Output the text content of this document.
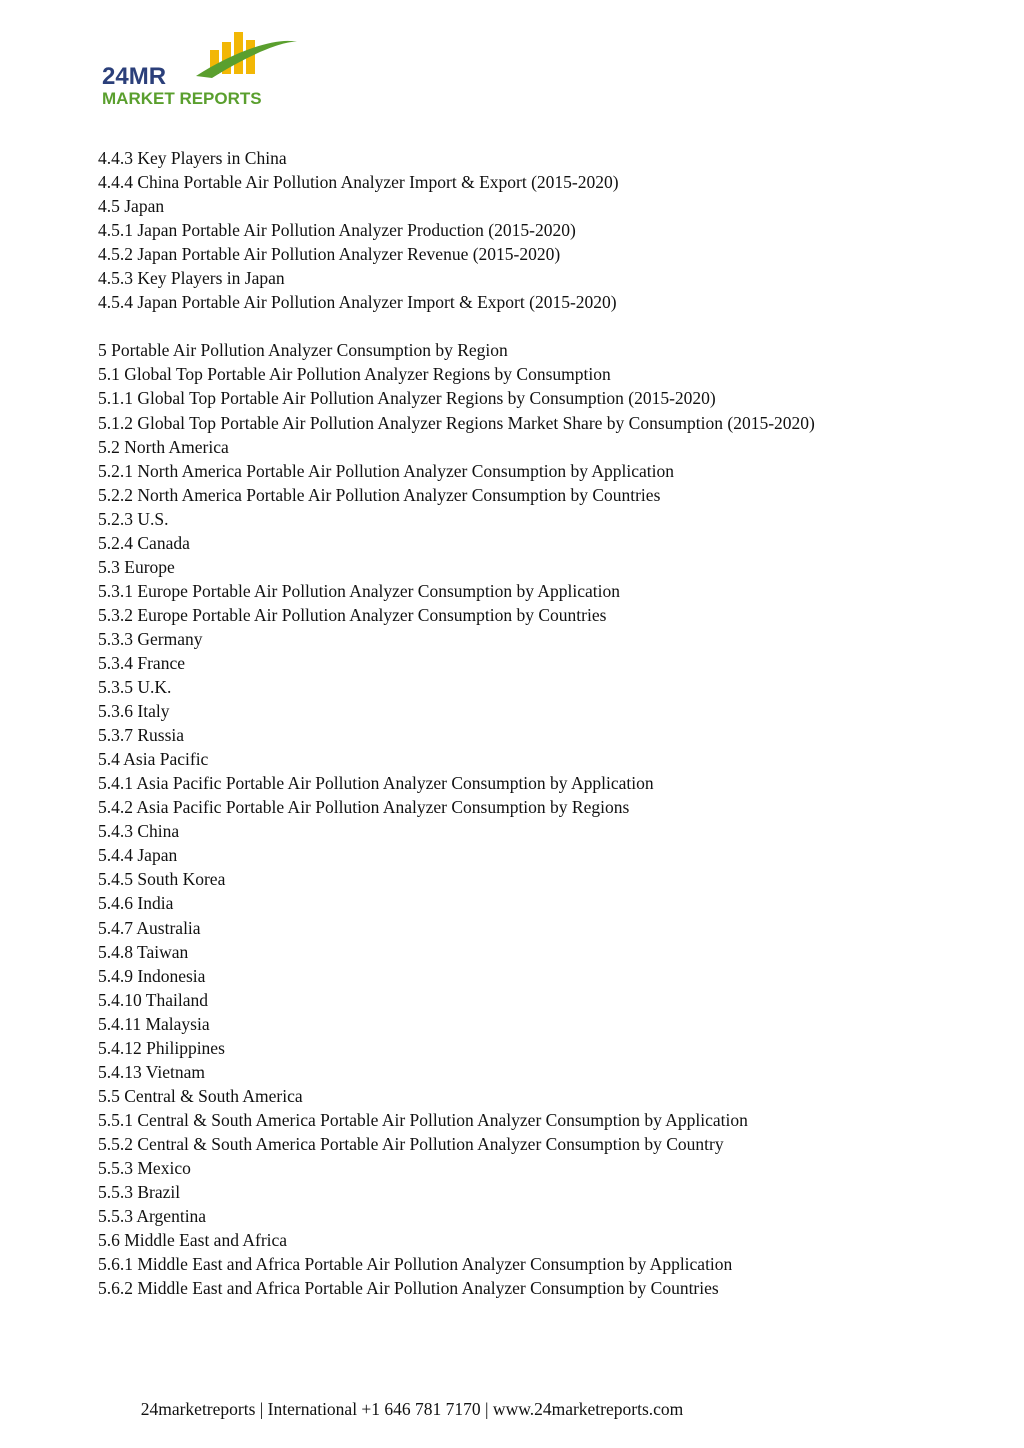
24MR
MARKET REPORTS
4.4.3 Key Players in China
4.4.4 China Portable Air Pollution Analyzer Import & Export (2015-2020)
4.5 Japan
4.5.1 Japan Portable Air Pollution Analyzer Production (2015-2020)
4.5.2 Japan Portable Air Pollution Analyzer Revenue (2015-2020)
4.5.3 Key Players in Japan
4.5.4 Japan Portable Air Pollution Analyzer Import & Export (2015-2020)
5 Portable Air Pollution Analyzer Consumption by Region
5.1 Global Top Portable Air Pollution Analyzer Regions by Consumption
5.1.1 Global Top Portable Air Pollution Analyzer Regions by Consumption (2015-2020)
5.1.2 Global Top Portable Air Pollution Analyzer Regions Market Share by Consumption (2015-2020)
5.2 North America
5.2.1 North America Portable Air Pollution Analyzer Consumption by Application
5.2.2 North America Portable Air Pollution Analyzer Consumption by Countries
5.2.3 U.S.
5.2.4 Canada
5.3 Europe
5.3.1 Europe Portable Air Pollution Analyzer Consumption by Application
5.3.2 Europe Portable Air Pollution Analyzer Consumption by Countries
5.3.3 Germany
5.3.4 France
5.3.5 U.K.
5.3.6 Italy
5.3.7 Russia
5.4 Asia Pacific
5.4.1 Asia Pacific Portable Air Pollution Analyzer Consumption by Application
5.4.2 Asia Pacific Portable Air Pollution Analyzer Consumption by Regions
5.4.3 China
5.4.4 Japan
5.4.5 South Korea
5.4.6 India
5.4.7 Australia
5.4.8 Taiwan
5.4.9 Indonesia
5.4.10 Thailand
5.4.11 Malaysia
5.4.12 Philippines
5.4.13 Vietnam
5.5 Central & South America
5.5.1 Central & South America Portable Air Pollution Analyzer Consumption by Application
5.5.2 Central & South America Portable Air Pollution Analyzer Consumption by Country
5.5.3 Mexico
5.5.3 Brazil
5.5.3 Argentina
5.6 Middle East and Africa
5.6.1 Middle East and Africa Portable Air Pollution Analyzer Consumption by Application
5.6.2 Middle East and Africa Portable Air Pollution Analyzer Consumption by Countries
24marketreports | International +1 646 781 7170 | www.24marketreports.com
